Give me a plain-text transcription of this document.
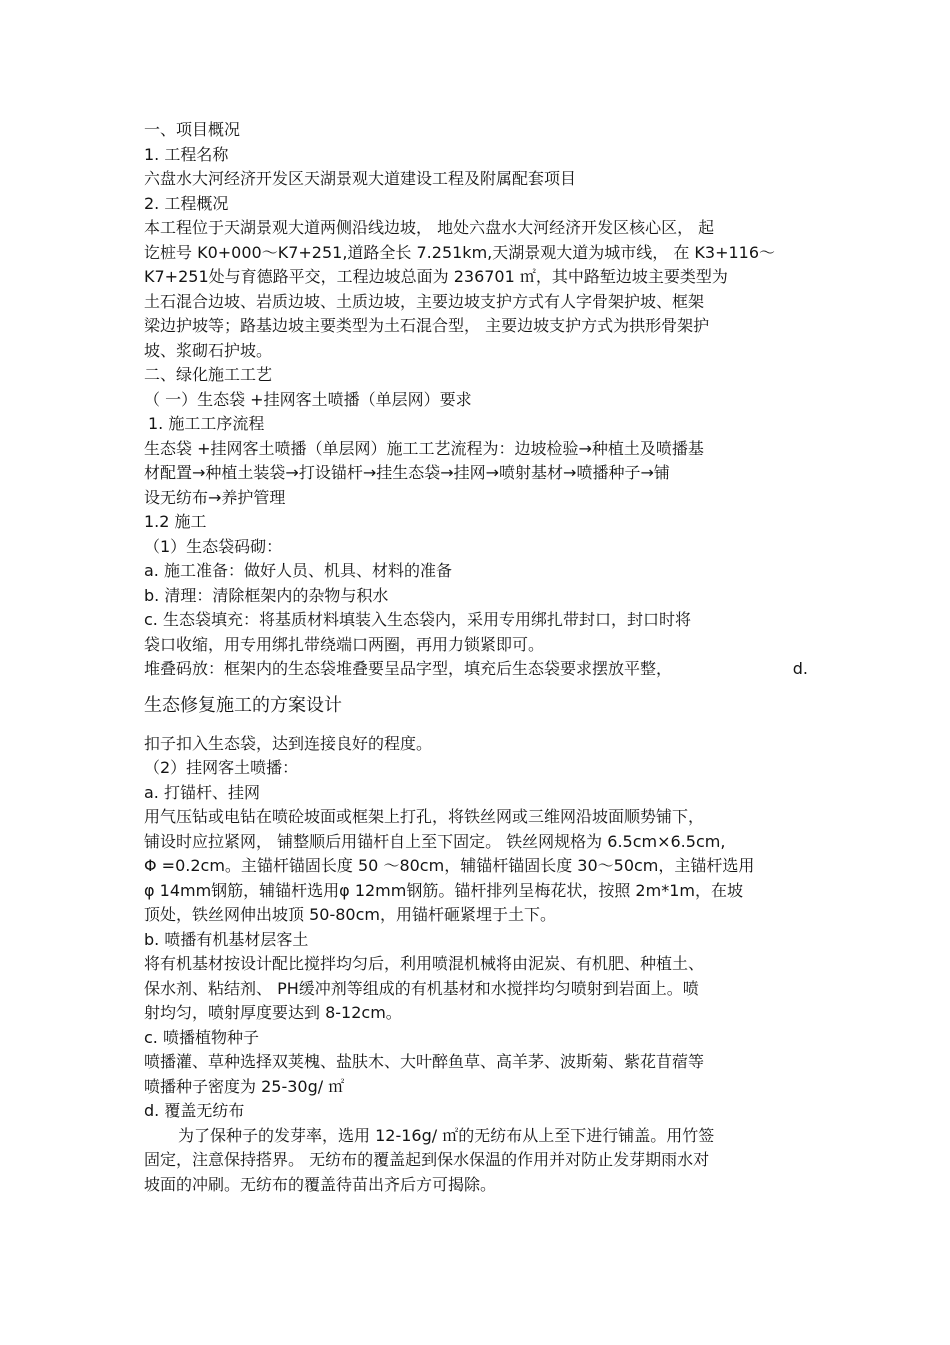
一、项目概况
1. 工程名称
六盘水大河经济开发区天湖景观大道建设工程及附属配套项目
2. 工程概况
本工程位于天湖景观大道两侧沿线边坡， 地处六盘水大河经济开发区核心区， 起
讫桩号 K0+000～K7+251,道路全长 7.251km,天湖景观大道为城市线， 在 K3+116～
K7+251处与育德路平交，工程边坡总面为 236701 ㎡，其中路堑边坡主要类型为
土石混合边坡、岩质边坡、土质边坡，主要边坡支护方式有人字骨架护坡、框架
梁边护坡等；路基边坡主要类型为土石混合型， 主要边坡支护方式为拱形骨架护
坡、浆砌石护坡。
二、绿化施工工艺
（ 一）生态袋 +挂网客土喷播（单层网）要求
1. 施工工序流程
生态袋 +挂网客土喷播（单层网）施工工艺流程为：边坡检验→种植土及喷播基
材配置→种植土装袋→打设锚杆→挂生态袋→挂网→喷射基材→喷播种子→铺
设无纺布→养护管理
1.2 施工
（1）生态袋码砌：
a. 施工准备：做好人员、机具、材料的准备
b. 清理：清除框架内的杂物与积水
c. 生态袋填充：将基质材料填装入生态袋内，采用专用绑扎带封口，封口时将
袋口收缩，用专用绑扎带绕端口两圈，再用力锁紧即可。
堆叠码放：框架内的生态袋堆叠要呈品字型，填充后生态袋要求摆放平整，	d.
生态修复施工的方案设计
扣子扣入生态袋，达到连接良好的程度。
（2）挂网客土喷播：
a. 打锚杆、挂网
用气压钻或电钻在喷砼坡面或框架上打孔，将铁丝网或三维网沿坡面顺势铺下，
铺设时应拉紧网， 铺整顺后用锚杆自上至下固定。 铁丝网规格为 6.5cm×6.5cm,
Φ =0.2cm。主锚杆锚固长度 50 ～80cm，辅锚杆锚固长度 30～50cm，主锚杆选用
φ 14mm钢筋，辅锚杆选用φ 12mm钢筋。锚杆排列呈梅花状，按照 2m*1m，在坡
顶处，铁丝网伸出坡顶 50-80cm，用锚杆砸紧埋于土下。
b. 喷播有机基材层客土
将有机基材按设计配比搅拌均匀后，利用喷混机械将由泥炭、有机肥、种植土、
保水剂、粘结剂、 PH缓冲剂等组成的有机基材和水搅拌均匀喷射到岩面上。喷
射均匀，喷射厚度要达到 8-12cm。
c. 喷播植物种子
喷播灌、草种选择双荚槐、盐肤木、大叶醉鱼草、高羊茅、波斯菊、紫花苜蓿等
喷播种子密度为 25-30g/ ㎡
d. 覆盖无纺布
为了保种子的发芽率，选用 12-16g/ ㎡的无纺布从上至下进行铺盖。用竹签
固定，注意保持搭界。 无纺布的覆盖起到保水保温的作用并对防止发芽期雨水对
坡面的冲刷。无纺布的覆盖待苗出齐后方可揭除。
